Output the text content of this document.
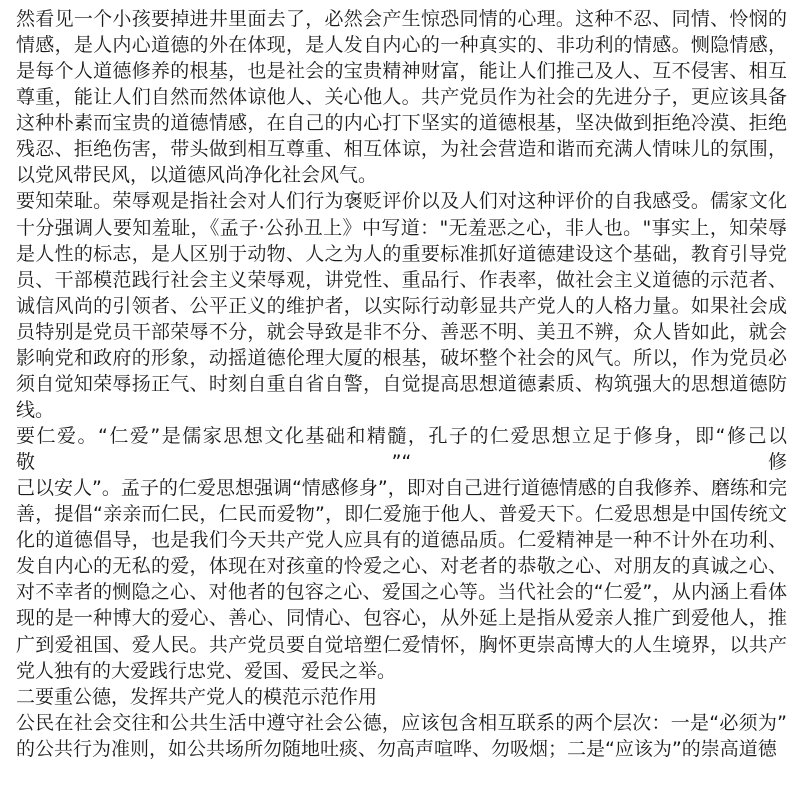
然看见一个小孩要掉进井里面去了，必然会产生惊恐同情的心理。这种不忍、同情、怜悯的
情感，是人内心道德的外在体现，是人发自内心的一种真实的、非功利的情感。恻隐情感，
是每个人道德修养的根基，也是社会的宝贵精神财富，能让人们推己及人、互不侵害、相互
尊重，能让人们自然而然体谅他人、关心他人。共产党员作为社会的先进分子，更应该具备
这种朴素而宝贵的道德情感，在自己的内心打下坚实的道德根基，坚决做到拒绝冷漠、拒绝
残忍、拒绝伤害，带头做到相互尊重、相互体谅，为社会营造和谐而充满人情味儿的氛围，
以党风带民风，以道德风尚净化社会风气。
要知荣耻。荣辱观是指社会对人们行为褒贬评价以及人们对这种评价的自我感受。儒家文化
十分强调人要知羞耻，《孟子·公孙丑上》中写道："无羞恶之心，非人也。"事实上，知荣辱
是人性的标志，是人区别于动物、人之为人的重要标准抓好道德建设这个基础，教育引导党
员、干部模范践行社会主义荣辱观，讲党性、重品行、作表率，做社会主义道德的示范者、
诚信风尚的引领者、公平正义的维护者，以实际行动彰显共产党人的人格力量。如果社会成
员特别是党员干部荣辱不分，就会导致是非不分、善恶不明、美丑不辨，众人皆如此，就会
影响党和政府的形象，动摇道德伦理大厦的根基，破坏整个社会的风气。所以，作为党员必
须自觉知荣辱扬正气、时刻自重自省自警，自觉提高思想道德素质、构筑强大的思想道德防
线。
要仁爱。“仁爱”是儒家思想文化基础和精髓，孔子的仁爱思想立足于修身，即“修己以敬”“修
己以安人”。孟子的仁爱思想强调“情感修身”，即对自己进行道德情感的自我修养、磨练和完
善，提倡“亲亲而仁民，仁民而爱物”，即仁爱施于他人、普爱天下。仁爱思想是中国传统文
化的道德倡导，也是我们今天共产党人应具有的道德品质。仁爱精神是一种不计外在功利、
发自内心的无私的爱，体现在对孩童的怜爱之心、对老者的恭敬之心、对朋友的真诚之心、
对不幸者的恻隐之心、对他者的包容之心、爱国之心等。当代社会的“仁爱”，从内涵上看体
现的是一种博大的爱心、善心、同情心、包容心，从外延上是指从爱亲人推广到爱他人，推
广到爱祖国、爱人民。共产党员要自觉培塑仁爱情怀，胸怀更崇高博大的人生境界，以共产
党人独有的大爱践行忠党、爱国、爱民之举。
二要重公德，发挥共产党人的模范示范作用
公民在社会交往和公共生活中遵守社会公德，应该包含相互联系的两个层次：一是“必须为”
的公共行为准则，如公共场所勿随地吐痰、勿高声喧哗、勿吸烟；二是“应该为”的崇高道德
